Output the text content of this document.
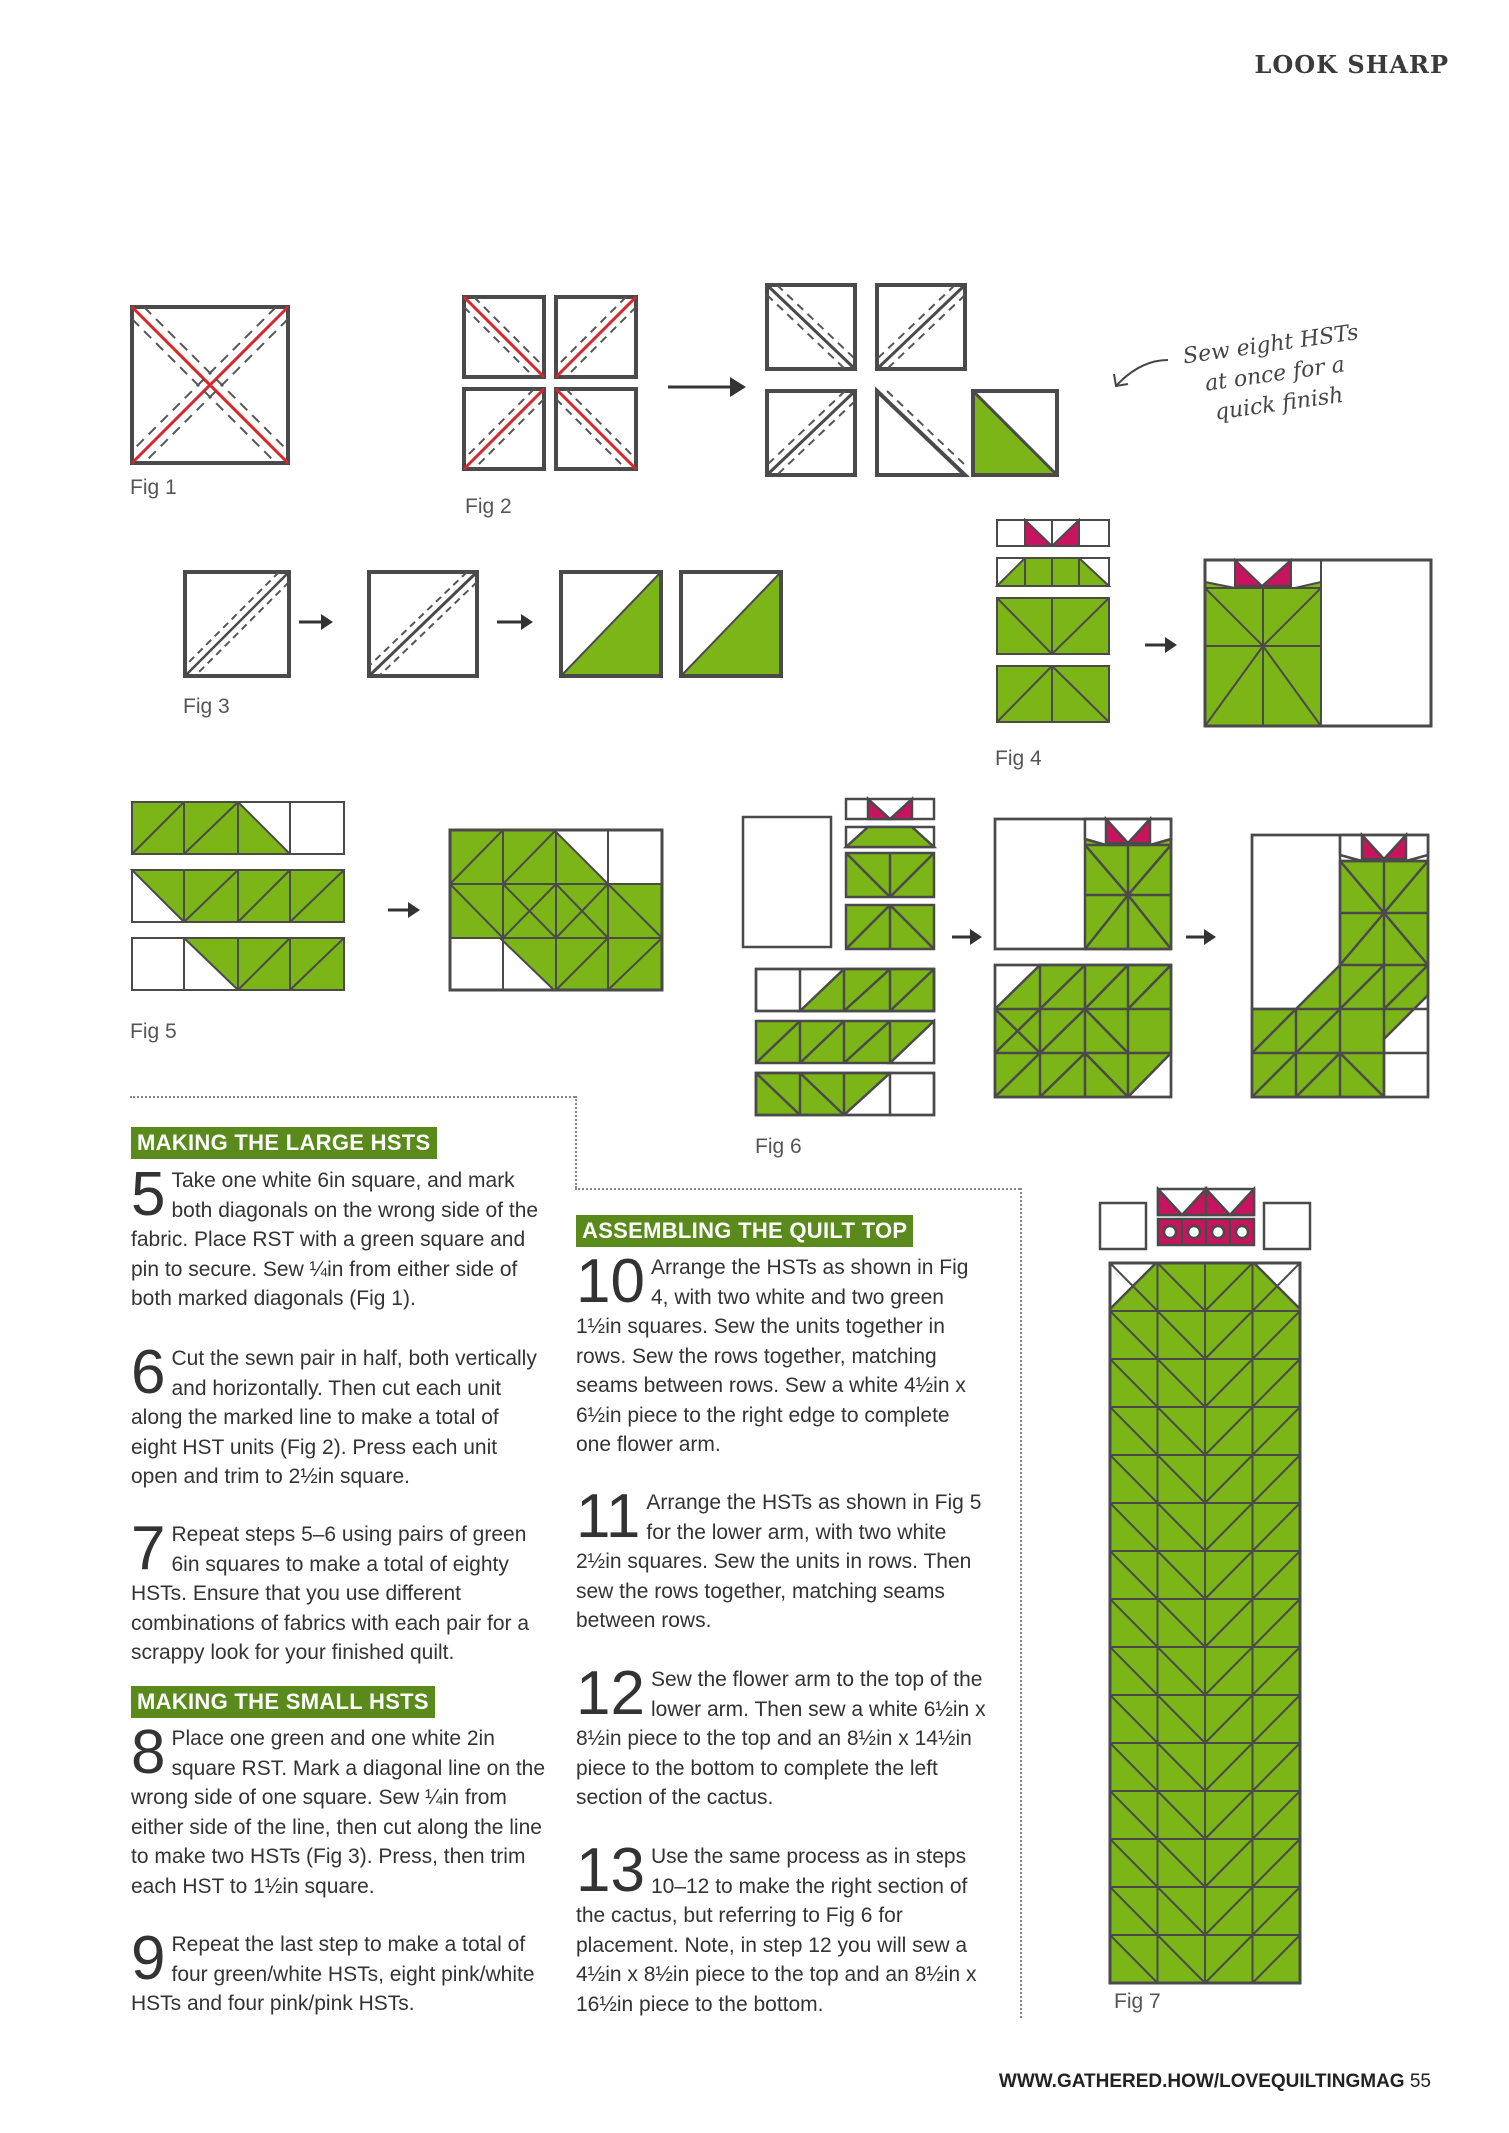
LOOK SHARP
Fig 1
Fig 2
Sew eight HSTs at once for a quick finish
Fig 3
Fig 4
Fig 5
Fig 6
Fig 7
MAKING THE LARGE HSTS
5 Take one white 6in square, and mark both diagonals on the wrong side of the fabric. Place RST with a green square and pin to secure. Sew ¼in from either side of both marked diagonals (Fig 1).
6 Cut the sewn pair in half, both vertically and horizontally. Then cut each unit along the marked line to make a total of eight HST units (Fig 2). Press each unit open and trim to 2½in square.
7 Repeat steps 5–6 using pairs of green 6in squares to make a total of eighty HSTs. Ensure that you use different combinations of fabrics with each pair for a scrappy look for your finished quilt.
MAKING THE SMALL HSTS
8 Place one green and one white 2in square RST. Mark a diagonal line on the wrong side of one square. Sew ¼in from either side of the line, then cut along the line to make two HSTs (Fig 3). Press, then trim each HST to 1½in square.
9 Repeat the last step to make a total of four green/white HSTs, eight pink/white HSTs and four pink/pink HSTs.
ASSEMBLING THE QUILT TOP
10 Arrange the HSTs as shown in Fig 4, with two white and two green 1½in squares. Sew the units together in rows. Sew the rows together, matching seams between rows. Sew a white 4½in x 6½in piece to the right edge to complete one flower arm.
11 Arrange the HSTs as shown in Fig 5 for the lower arm, with two white 2½in squares. Sew the units in rows. Then sew the rows together, matching seams between rows.
12 Sew the flower arm to the top of the lower arm. Then sew a white 6½in x 8½in piece to the top and an 8½in x 14½in piece to the bottom to complete the left section of the cactus.
13 Use the same process as in steps 10–12 to make the right section of the cactus, but referring to Fig 6 for placement. Note, in step 12 you will sew a 4½in x 8½in piece to the top and an 8½in x 16½in piece to the bottom.
WWW.GATHERED.HOW/LOVEQUILTINGMAG 55
